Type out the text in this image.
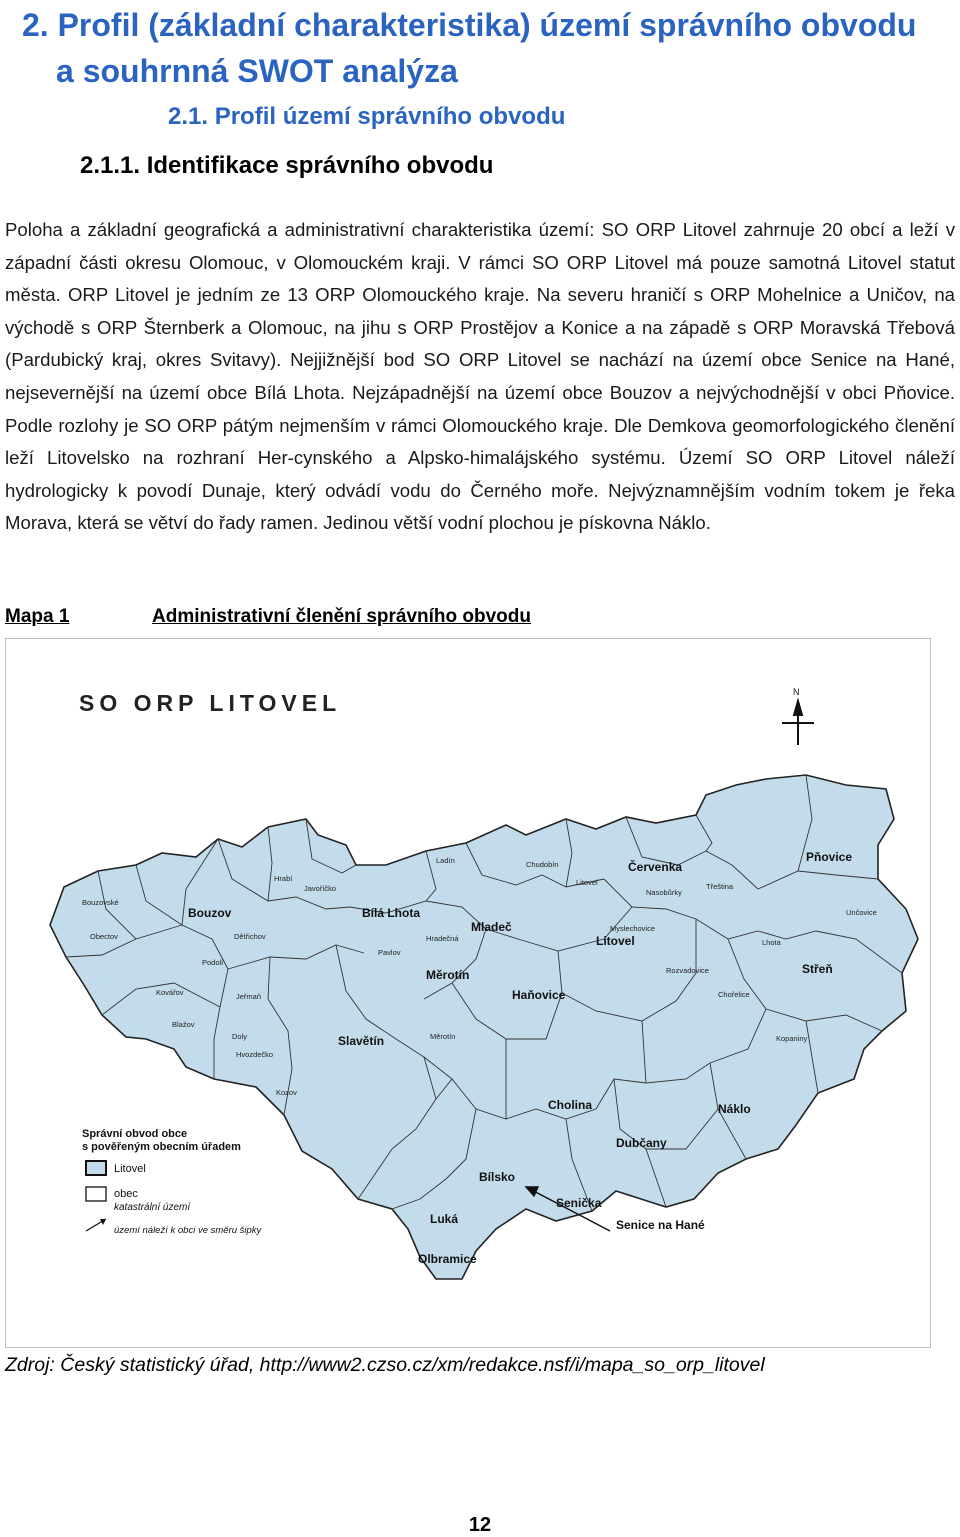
2. Profil (základní charakteristika) území správního obvodu
a souhrnná SWOT analýza
2.1. Profil území správního obvodu
2.1.1. Identifikace správního obvodu

Poloha a základní geografická a administrativní charakteristika území: SO ORP Litovel zahrnuje 20 obcí a leží v západní části okresu Olomouc, v Olomouckém kraji. V rámci SO ORP Litovel má pouze samotná Litovel statut města. ORP Litovel je jedním ze 13 ORP Olomouckého kraje. Na severu hraničí s ORP Mohelnice a Uničov, na východě s ORP Šternberk a Olomouc, na jihu s ORP Prostějov a Konice a na západě s ORP Moravská Třebová (Pardubický kraj, okres Svitavy). Nejjižnější bod SO ORP Litovel se nachází na území obce Senice na Hané, nejsevernější na území obce Bílá Lhota. Nejzápadnější na území obce Bouzov a nejvýchodnější v obci Pňovice. Podle rozlohy je SO ORP pátým nejmenším v rámci Olomouckého kraje. Dle Demkova geomorfologického členění leží Litovelsko na rozhraní Her-cynského a Alpsko-himalájského systému. Území SO ORP Litovel náleží hydrologicky k povodí Dunaje, který odvádí vodu do Černého moře. Nejvýznamnějším vodním tokem je řeka Morava, která se větví do řady ramen. Jedinou větší vodní plochou je pískovna Náklo.

Mapa 1	Administrativní členění správního obvodu
SO ORP LITOVEL	N
Bouzov	Bílá Lhota
Mladeč
Červenka
Litovel
Pňovice
Měrotín
Haňovice
Slavětín
Střeň
Cholina	Náklo
Dubčany
Bílsko
Luká
Senička
Senice na Hané
Olbramice
Hrabí
Bouzovské
Obectov
Podolí
Kovářov	Jeřmaň
Blažov
Doly
Hvozdečko
Kozov
Dětřichov
Pavlov
Javoříčko
Hradečná
Měrotín
Ladín	Chudobín
Nasobůrky
Myslechovice
Třeština
Rozvadovice
Litovel
Chořelice
Unčovice
Lhota
Kopaniny
Správní obvod obce
s pověřeným obecním úřadem
Litovel
obec
katastrální území
území náleží k obci ve směru šipky
Zdroj: Český statistický úřad, http://www2.czso.cz/xm/redakce.nsf/i/mapa_so_orp_litovel
12
